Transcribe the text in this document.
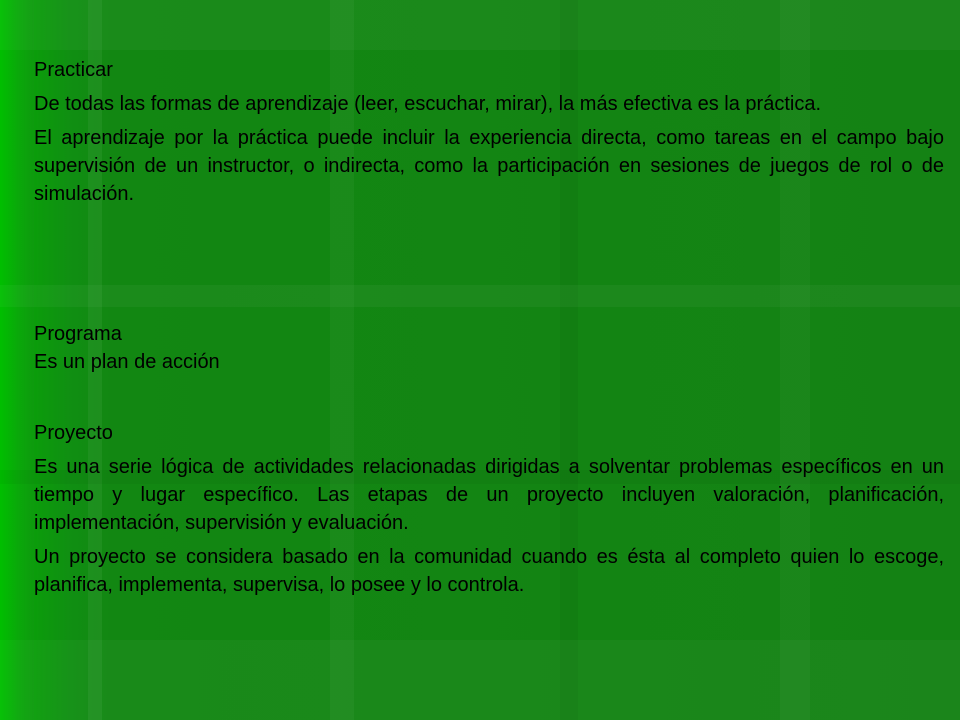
Practicar

De todas las formas de aprendizaje (leer, escuchar, mirar), la más efectiva es la práctica.

El aprendizaje por la práctica puede incluir la experiencia directa, como tareas en el campo bajo supervisión de un instructor, o indirecta, como la participación en sesiones de juegos de rol o de simulación.

Programa

Es un plan de acción

Proyecto

Es una serie lógica de actividades relacionadas dirigidas a solventar problemas específicos en un tiempo y lugar específico. Las etapas de un proyecto incluyen valoración, planificación, implementación, supervisión y evaluación.

Un proyecto se considera basado en la comunidad cuando es ésta al completo quien lo escoge, planifica, implementa, supervisa, lo posee y lo controla.
